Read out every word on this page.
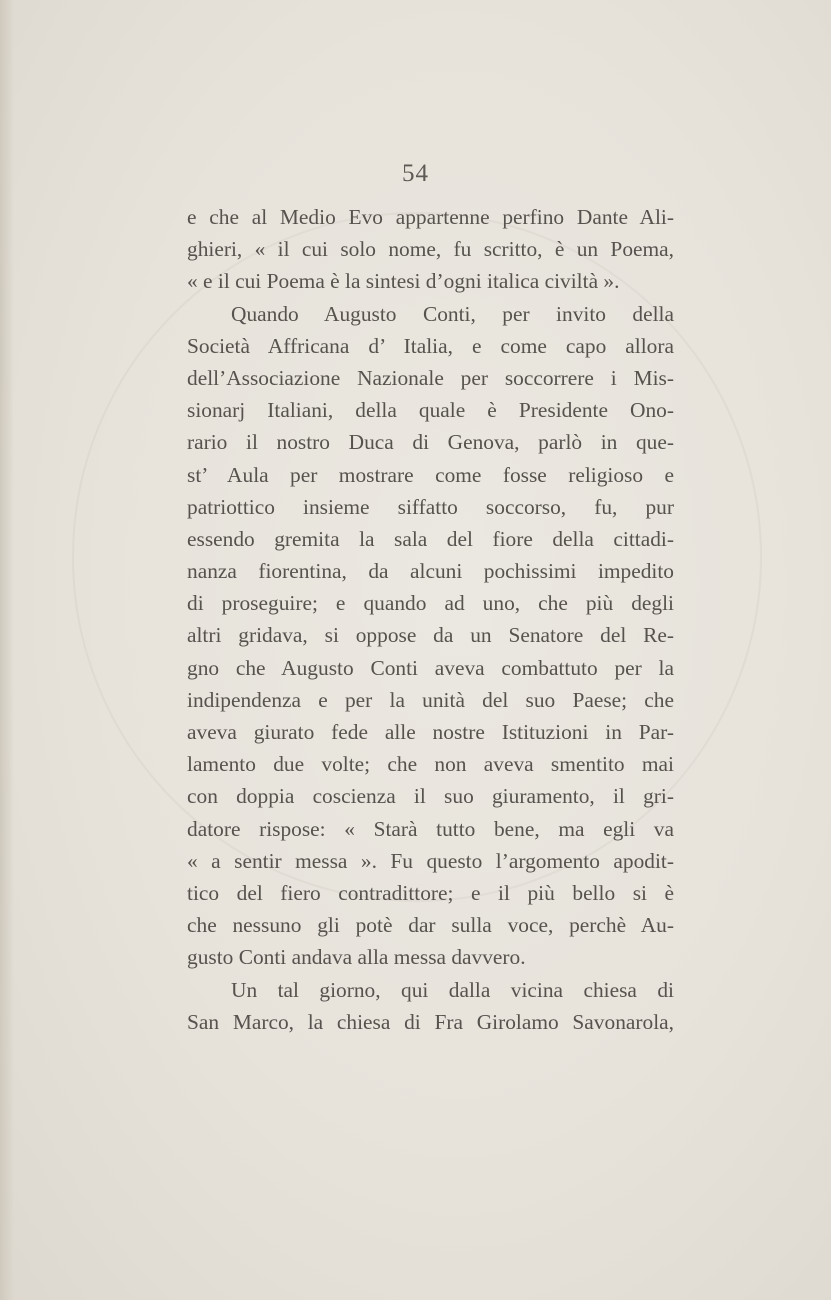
54
e che al Medio Evo appartenne perfino Dante Ali-
ghieri, « il cui solo nome, fu scritto, è un Poema,
« e il cui Poema è la sintesi d’ogni italica civiltà ».
Quando Augusto Conti, per invito della
Società Affricana d’ Italia, e come capo allora
dell’Associazione Nazionale per soccorrere i Mis-
sionarj Italiani, della quale è Presidente Ono-
rario il nostro Duca di Genova, parlò in que-
st’ Aula per mostrare come fosse religioso e
patriottico insieme siffatto soccorso, fu, pur
essendo gremita la sala del fiore della cittadi-
nanza fiorentina, da alcuni pochissimi impedito
di proseguire; e quando ad uno, che più degli
altri gridava, si oppose da un Senatore del Re-
gno che Augusto Conti aveva combattuto per la
indipendenza e per la unità del suo Paese; che
aveva giurato fede alle nostre Istituzioni in Par-
lamento due volte; che non aveva smentito mai
con doppia coscienza il suo giuramento, il gri-
datore rispose: « Starà tutto bene, ma egli va
« a sentir messa ». Fu questo l’argomento apodit-
tico del fiero contradittore; e il più bello si è
che nessuno gli potè dar sulla voce, perchè Au-
gusto Conti andava alla messa davvero.
Un tal giorno, qui dalla vicina chiesa di
San Marco, la chiesa di Fra Girolamo Savonarola,
